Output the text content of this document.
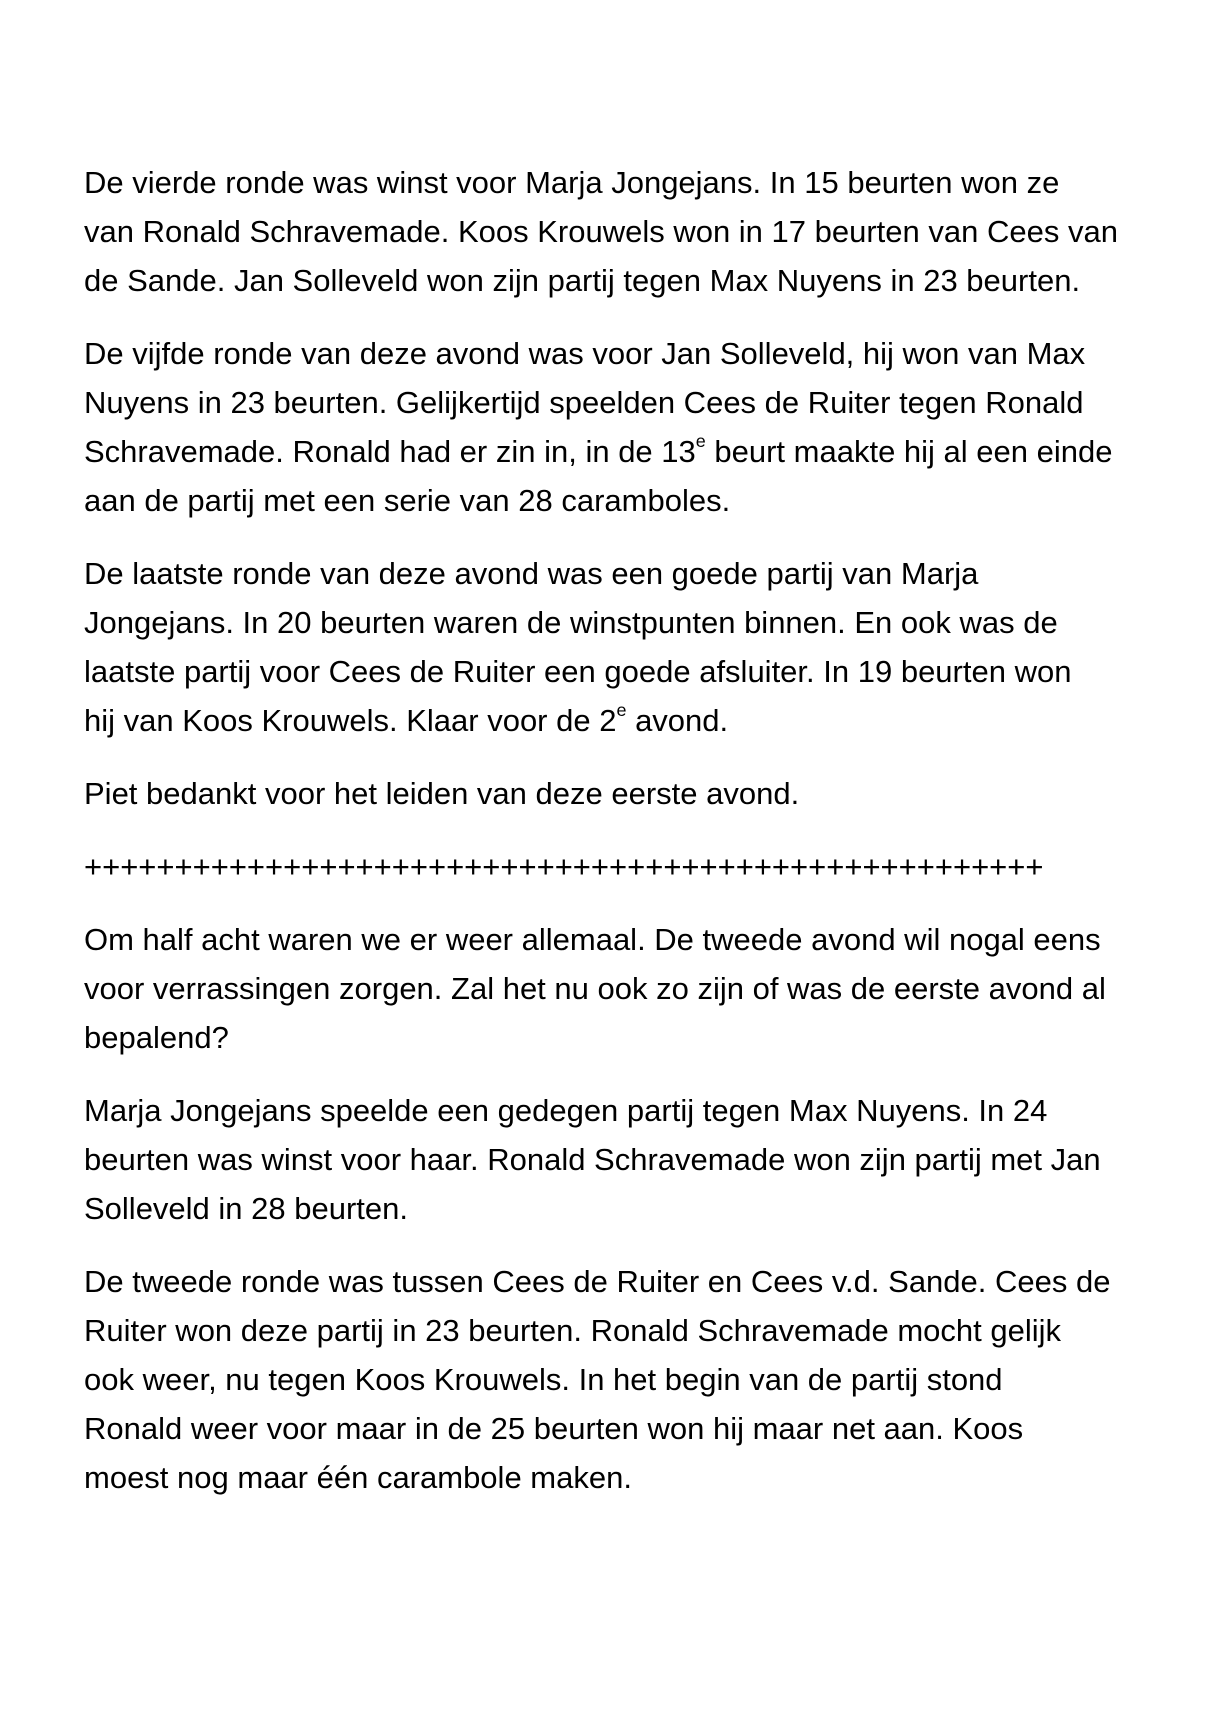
De vierde ronde was winst voor Marja Jongejans. In 15 beurten won ze
van Ronald Schravemade. Koos Krouwels won in 17 beurten van Cees van
de Sande. Jan Solleveld won zijn partij tegen Max Nuyens in 23 beurten.

De vijfde ronde van deze avond was voor Jan Solleveld, hij won van Max
Nuyens in 23 beurten. Gelijkertijd speelden Cees de Ruiter tegen Ronald
Schravemade. Ronald had er zin in, in de 13e beurt maakte hij al een einde
aan de partij met een serie van 28 caramboles.

De laatste ronde van deze avond was een goede partij van Marja
Jongejans. In 20 beurten waren de winstpunten binnen. En ook was de
laatste partij voor Cees de Ruiter een goede afsluiter. In 19 beurten won
hij van Koos Krouwels. Klaar voor de 2e avond.

Piet bedankt voor het leiden van deze eerste avond.

+++++++++++++++++++++++++++++++++++++++++++++++++++++

Om half acht waren we er weer allemaal. De tweede avond wil nogal eens
voor verrassingen zorgen. Zal het nu ook zo zijn of was de eerste avond al
bepalend?

Marja Jongejans speelde een gedegen partij tegen Max Nuyens. In 24
beurten was winst voor haar. Ronald Schravemade won zijn partij met Jan
Solleveld in 28 beurten.

De tweede ronde was tussen Cees de Ruiter en Cees v.d. Sande. Cees de
Ruiter won deze partij in 23 beurten. Ronald Schravemade mocht gelijk
ook weer, nu tegen Koos Krouwels. In het begin van de partij stond
Ronald weer voor maar in de 25 beurten won hij maar net aan. Koos
moest nog maar één carambole maken.
